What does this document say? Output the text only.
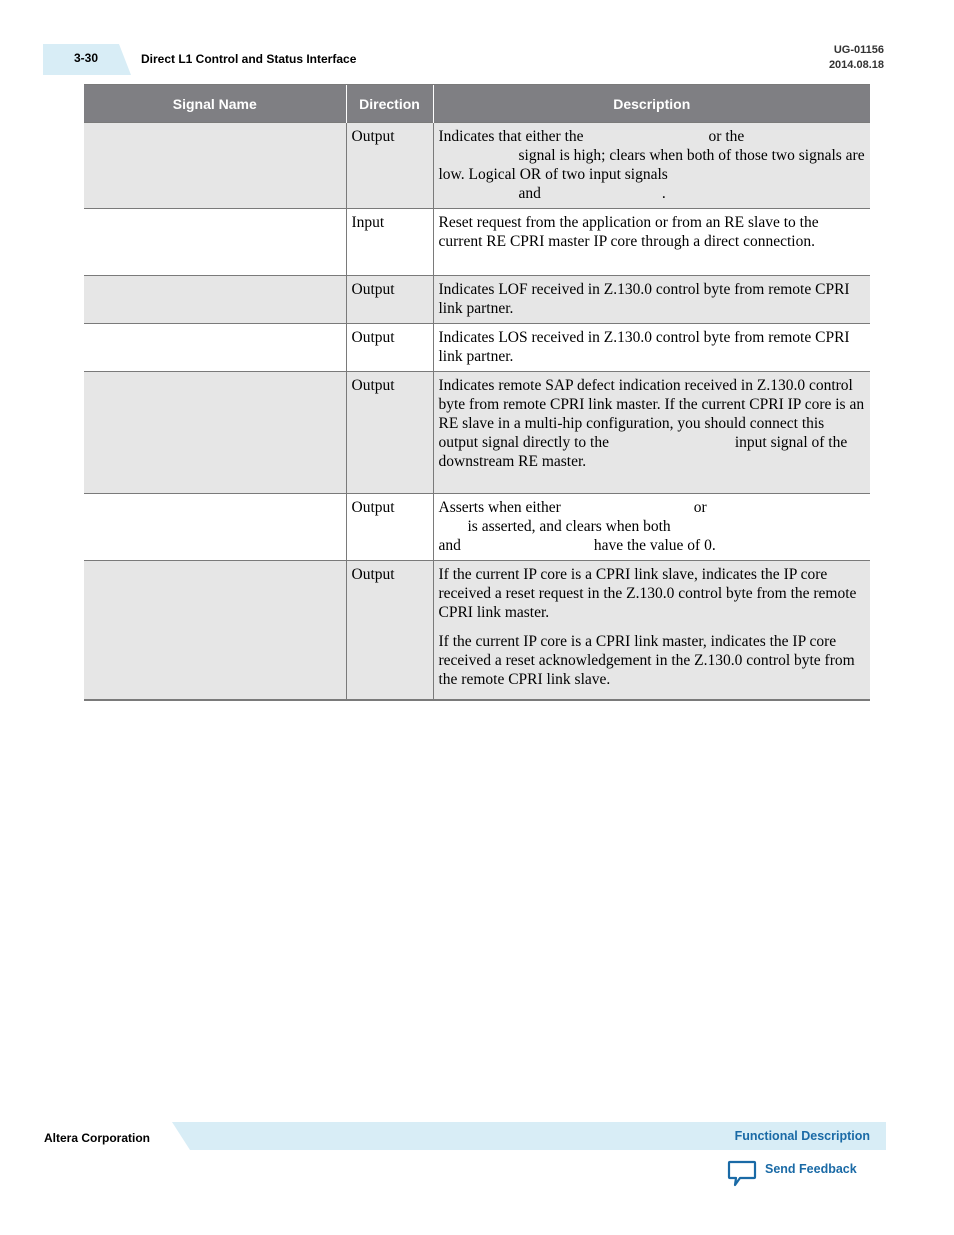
3-30	Direct L1 Control and Status Interface
UG-01156
2014.08.18
Signal Name	Direction	Description
	Output	Indicates that either the or the
signal is high; clears when both of those two signals are low. Logical OR of two input signals
and .
	Input	Reset request from the application or from an RE slave to the current RE CPRI master IP core through a direct connection.
	Output	Indicates LOF received in Z.130.0 control byte from remote CPRI link partner.
	Output	Indicates LOS received in Z.130.0 control byte from remote CPRI link partner.
	Output	Indicates remote SAP defect indication received in Z.130.0 control byte from remote CPRI link master. If the current CPRI IP core is an RE slave in a multi-hip configuration, you should connect this output signal directly to the input signal of the downstream RE master.
	Output	Asserts when either or
is asserted, and clears when both
and have the value of 0.
	Output	If the current IP core is a CPRI link slave, indicates the IP core received a reset request in the Z.130.0 control byte from the remote CPRI link master.

If the current IP core is a CPRI link master, indicates the IP core received a reset acknowledgement in the Z.130.0 control byte from the remote CPRI link slave.

Altera Corporation	Functional Description
Send Feedback
